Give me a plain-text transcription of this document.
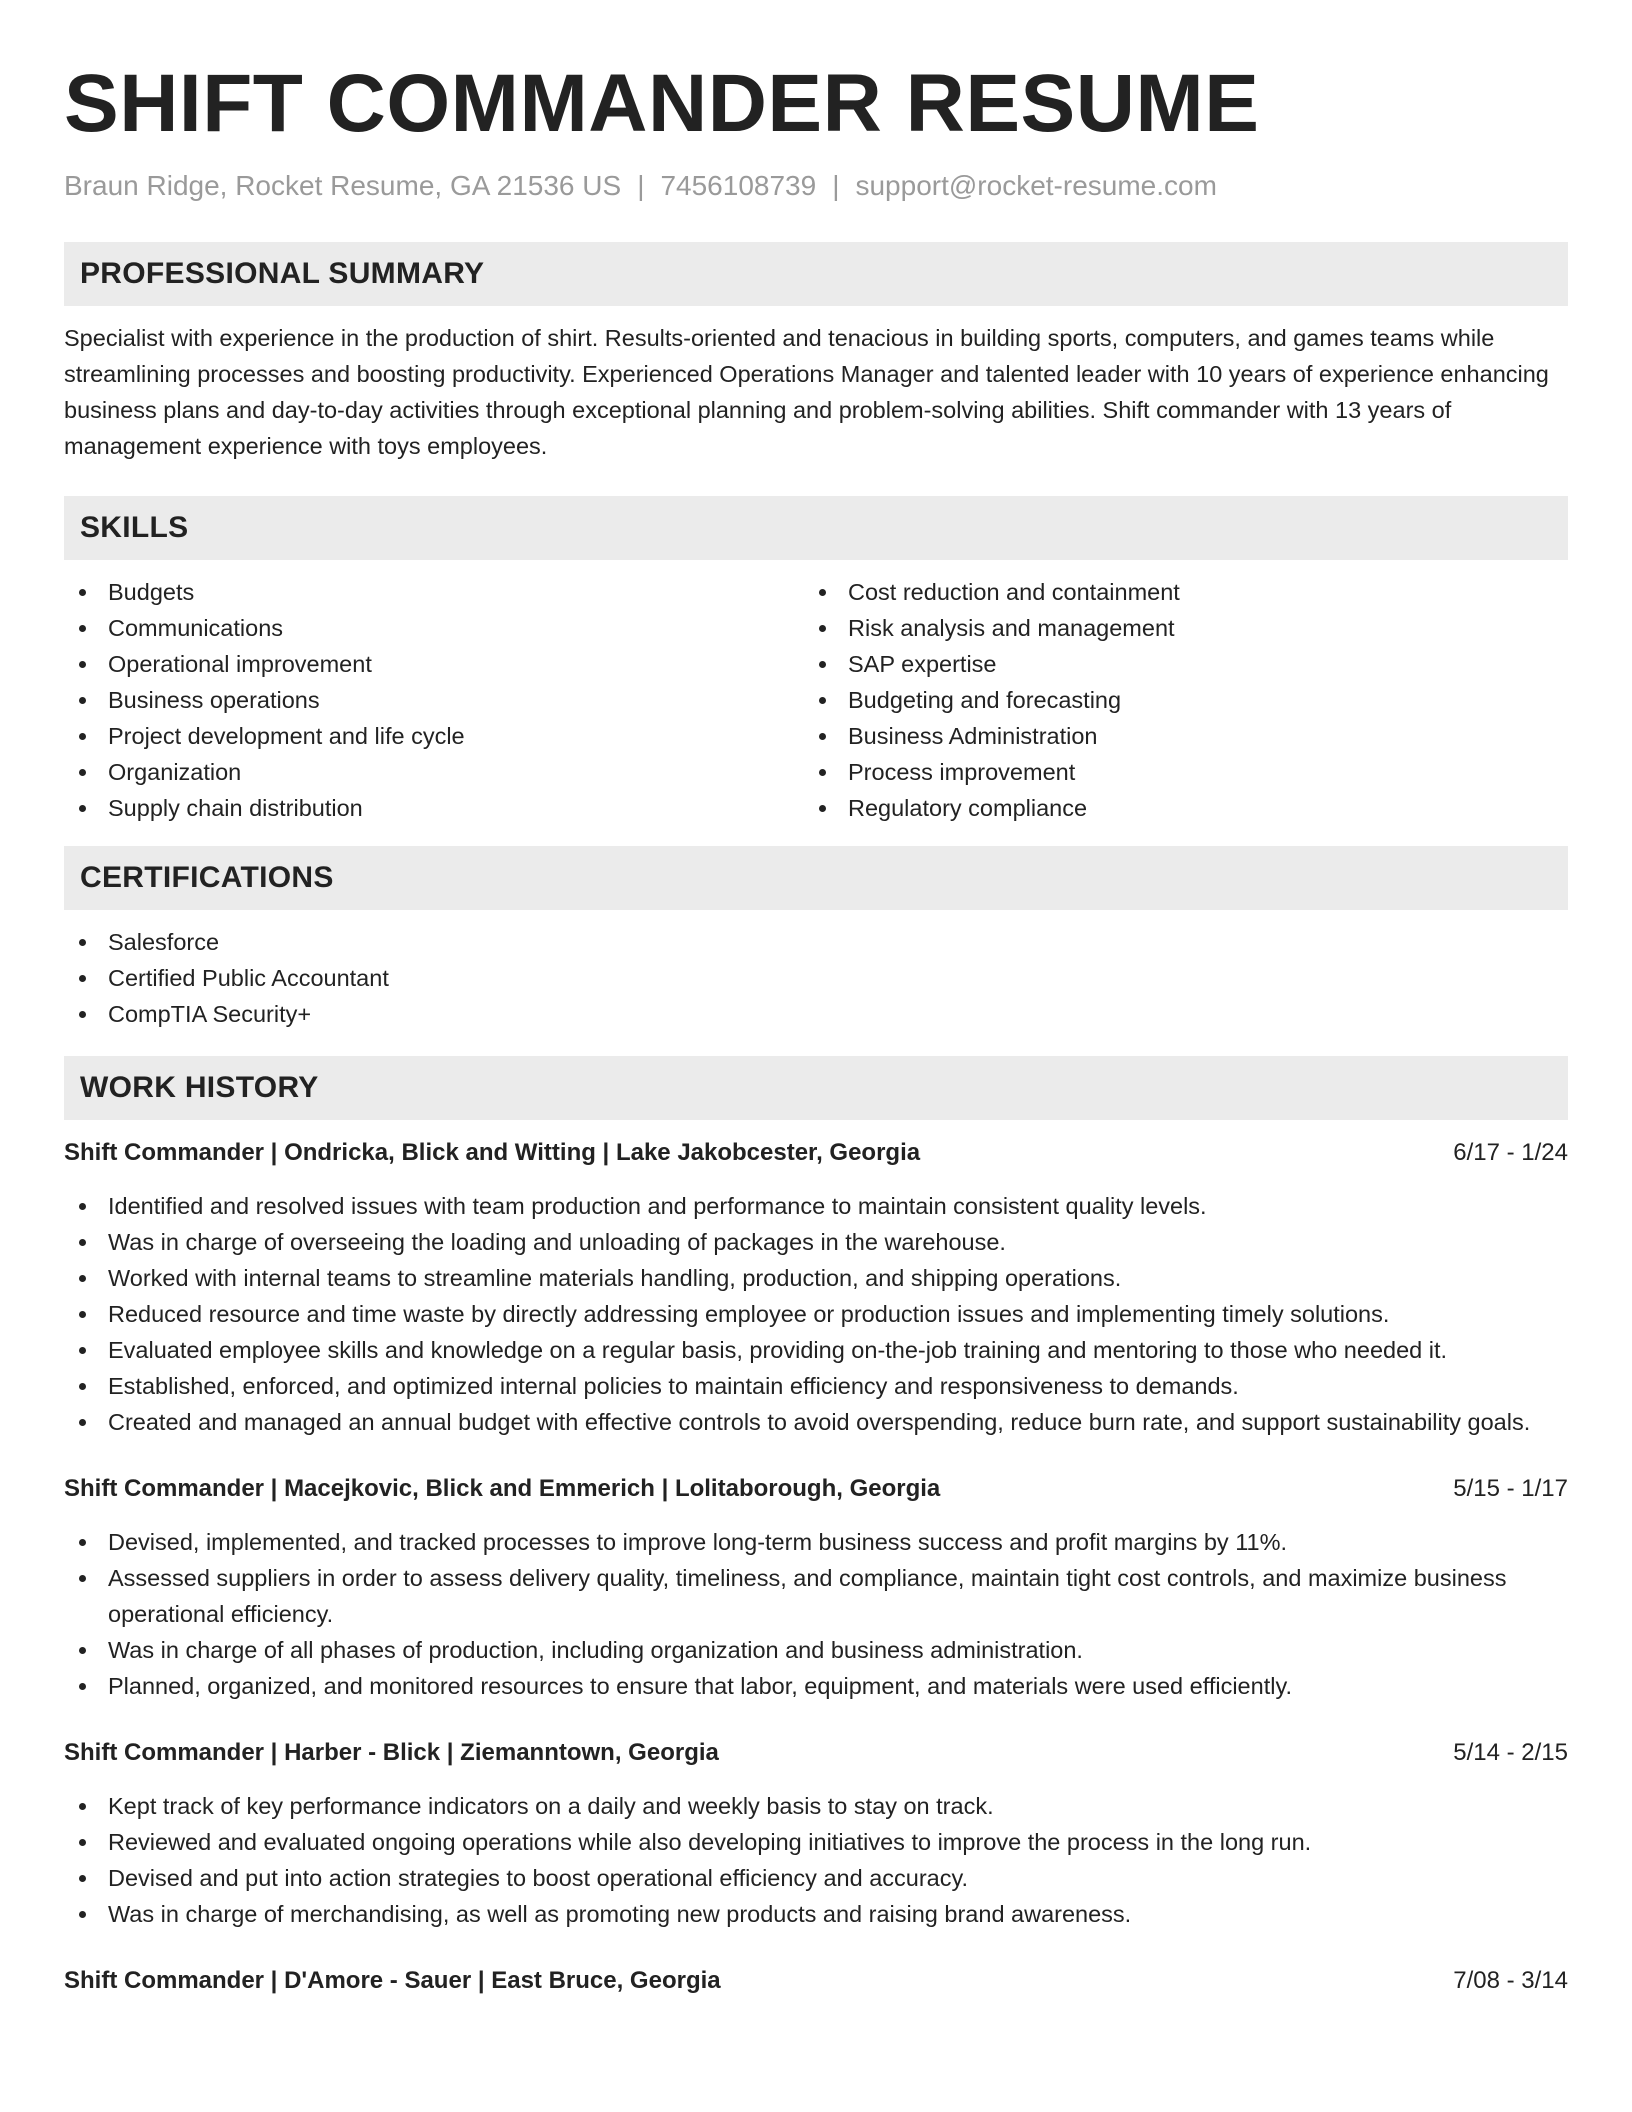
SHIFT COMMANDER RESUME
Braun Ridge, Rocket Resume, GA 21536 US | 7456108739 | support@rocket-resume.com
PROFESSIONAL SUMMARY

Specialist with experience in the production of shirt. Results-oriented and tenacious in building sports, computers, and games teams while streamlining processes and boosting productivity. Experienced Operations Manager and talented leader with 10 years of experience enhancing business plans and day-to-day activities through exceptional planning and problem-solving abilities. Shift commander with 13 years of management experience with toys employees.

SKILLS
Budgets
Communications
Operational improvement
Business operations
Project development and life cycle
Organization
Supply chain distribution
Cost reduction and containment
Risk analysis and management
SAP expertise
Budgeting and forecasting
Business Administration
Process improvement
Regulatory compliance
CERTIFICATIONS
Salesforce
Certified Public Accountant
CompTIA Security+
WORK HISTORY
Shift Commander | Ondricka, Blick and Witting | Lake Jakobcester, Georgia	6/17 - 1/24
Identified and resolved issues with team production and performance to maintain consistent quality levels.
Was in charge of overseeing the loading and unloading of packages in the warehouse.
Worked with internal teams to streamline materials handling, production, and shipping operations.
Reduced resource and time waste by directly addressing employee or production issues and implementing timely solutions.
Evaluated employee skills and knowledge on a regular basis, providing on-the-job training and mentoring to those who needed it.
Established, enforced, and optimized internal policies to maintain efficiency and responsiveness to demands.
Created and managed an annual budget with effective controls to avoid overspending, reduce burn rate, and support sustainability goals.
Shift Commander | Macejkovic, Blick and Emmerich | Lolitaborough, Georgia	5/15 - 1/17
Devised, implemented, and tracked processes to improve long-term business success and profit margins by 11%.
Assessed suppliers in order to assess delivery quality, timeliness, and compliance, maintain tight cost controls, and maximize business operational efficiency.
Was in charge of all phases of production, including organization and business administration.
Planned, organized, and monitored resources to ensure that labor, equipment, and materials were used efficiently.
Shift Commander | Harber - Blick | Ziemanntown, Georgia	5/14 - 2/15
Kept track of key performance indicators on a daily and weekly basis to stay on track.
Reviewed and evaluated ongoing operations while also developing initiatives to improve the process in the long run.
Devised and put into action strategies to boost operational efficiency and accuracy.
Was in charge of merchandising, as well as promoting new products and raising brand awareness.
Shift Commander | D'Amore - Sauer | East Bruce, Georgia	7/08 - 3/14
